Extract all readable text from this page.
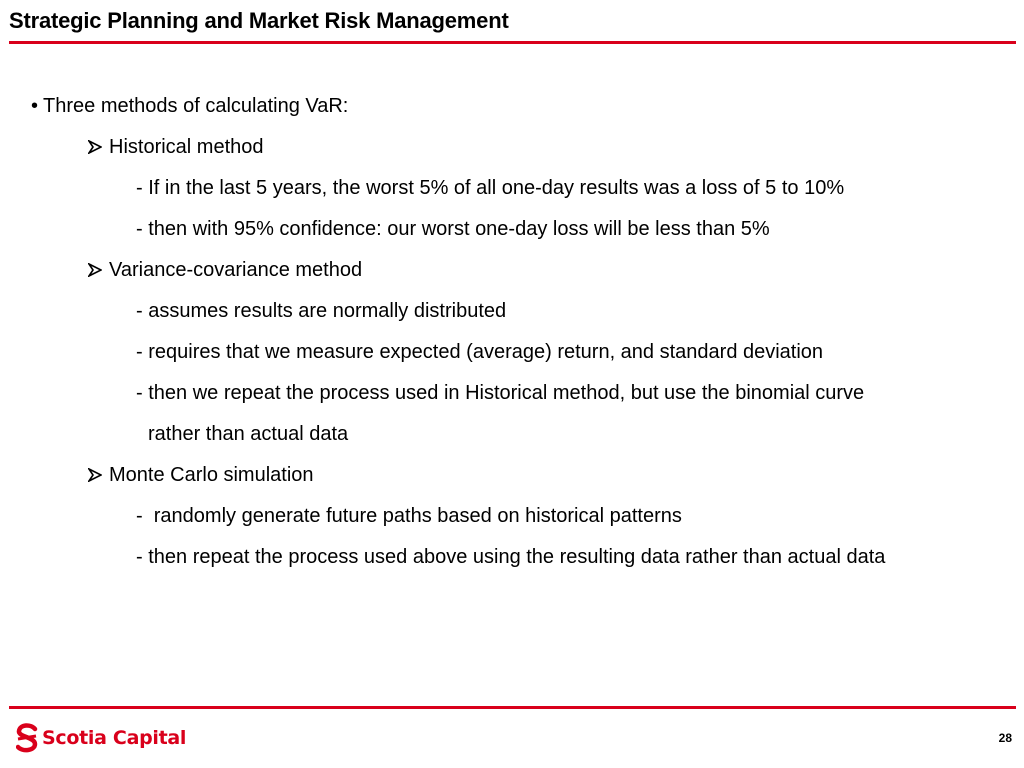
Strategic Planning and Market Risk Management
• Three methods of calculating VaR:
Historical method
- If in the last 5 years, the worst 5% of all one-day results was a loss of 5 to 10%
- then with 95% confidence: our worst one-day loss will be less than 5%
Variance-covariance method
- assumes results are normally distributed
- requires that we measure expected (average) return, and standard deviation
- then we repeat the process used in Historical method, but use the binomial curve
rather than actual data
Monte Carlo simulation
-  randomly generate future paths based on historical patterns
- then repeat the process used above using the resulting data rather than actual data
Scotia Capital	28
